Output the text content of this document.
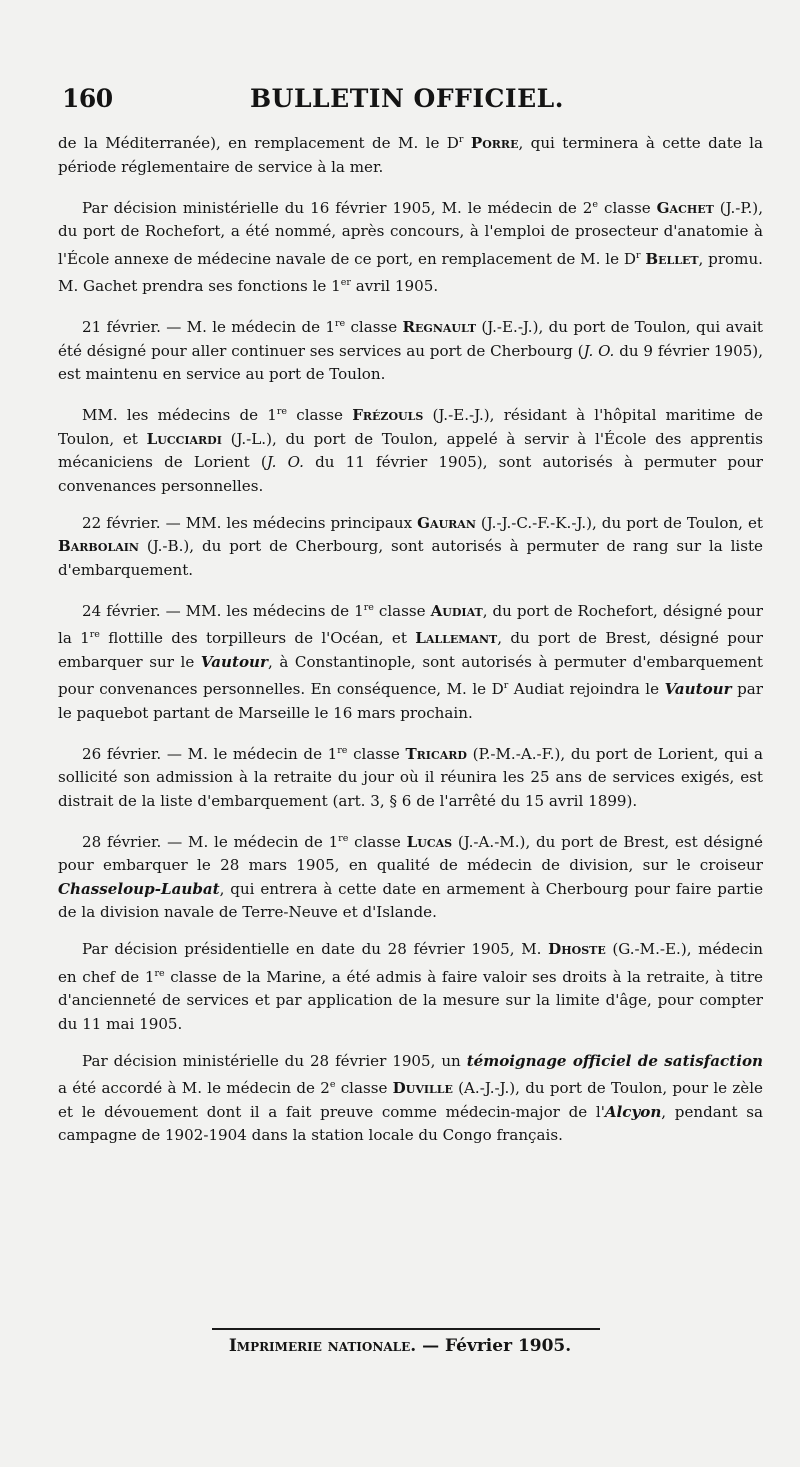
160	BULLETIN OFFICIEL.

de la Méditerranée), en remplacement de M. le $D^r$ Porre, qui terminera à cette date la période réglementaire de service à la mer.

Par décision ministérielle du 16 février 1905, M. le médecin de 2e classe Gachet (J.-P.), du port de Rochefort, a été nommé, après concours, à l'emploi de prosecteur d'anatomie à l'École annexe de médecine navale de ce port, en remplacement de M. le $D^r$ Bellet, promu. M. Gachet prendra ses fonctions le 1er avril 1905.

21 février. — M. le médecin de 1re classe Regnault (J.-E.-J.), du port de Toulon, qui avait été désigné pour aller continuer ses services au port de Cherbourg (J. O. du 9 février 1905), est maintenu en service au port de Toulon.

MM. les médecins de 1re classe Frézouls (J.-E.-J.), résidant à l'hôpital maritime de Toulon, et Lucciardi (J.-L.), du port de Toulon, appelé à servir à l'École des apprentis mécaniciens de Lorient (J. O. du 11 février 1905), sont autorisés à permuter pour convenances personnelles.

22 février. — MM. les médecins principaux Gauran (J.-J.-C.-F.-K.-J.), du port de Toulon, et Barbolain (J.-B.), du port de Cherbourg, sont autorisés à permuter de rang sur la liste d'embarquement.

24 février. — MM. les médecins de 1re classe Audiat, du port de Rochefort, désigné pour la 1re flottille des torpilleurs de l'Océan, et Lallemant, du port de Brest, désigné pour embarquer sur le Vautour, à Constantinople, sont autorisés à permuter d'embarquement pour convenances personnelles. En conséquence, M. le $D^r$ Audiat rejoindra le Vautour par le paquebot partant de Marseille le 16 mars prochain.

26 février. — M. le médecin de 1re classe Tricard (P.-M.-A.-F.), du port de Lorient, qui a sollicité son admission à la retraite du jour où il réunira les 25 ans de services exigés, est distrait de la liste d'embarquement (art. 3, § 6 de l'arrêté du 15 avril 1899).

28 février. — M. le médecin de 1re classe Lucas (J.-A.-M.), du port de Brest, est désigné pour embarquer le 28 mars 1905, en qualité de médecin de division, sur le croiseur Chasseloup-Laubat, qui entrera à cette date en armement à Cherbourg pour faire partie de la division navale de Terre-Neuve et d'Islande.

Par décision présidentielle en date du 28 février 1905, M. Dhoste (G.-M.-E.), médecin en chef de 1re classe de la Marine, a été admis à faire valoir ses droits à la retraite, à titre d'ancienneté de services et par application de la mesure sur la limite d'âge, pour compter du 11 mai 1905.

Par décision ministérielle du 28 février 1905, un témoignage officiel de satisfaction a été accordé à M. le médecin de 2e classe Duville (A.-J.-J.), du port de Toulon, pour le zèle et le dévouement dont il a fait preuve comme médecin-major de l'Alcyon, pendant sa campagne de 1902-1904 dans la station locale du Congo français.

Imprimerie nationale. — Février 1905.
